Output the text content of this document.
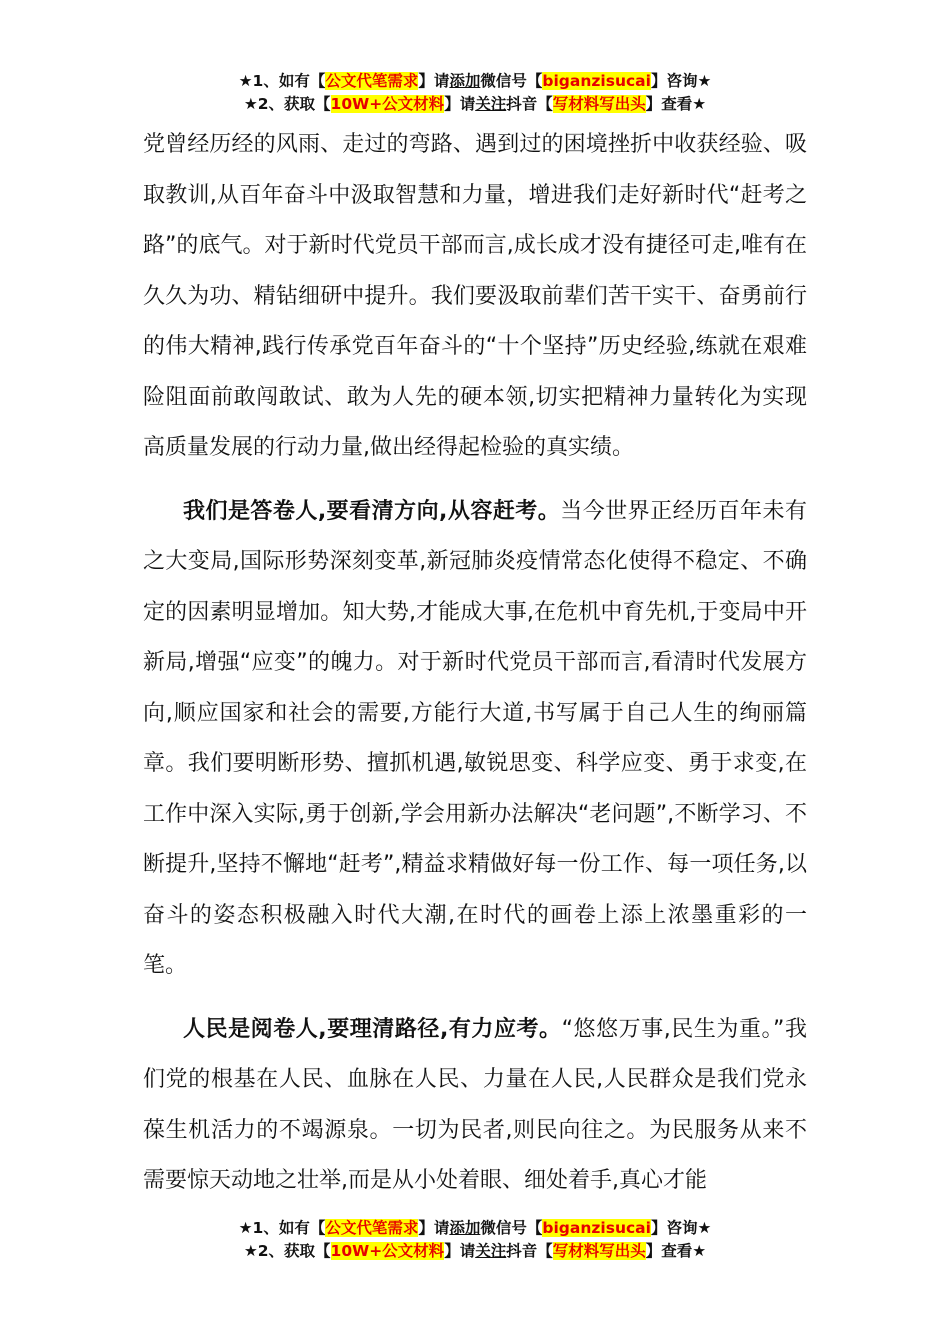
★1、如有【公文代笔需求】请添加微信号【biganzisucai】咨询★
★2、获取【10W+公文材料】请关注抖音【写材料写出头】查看★

党曾经历经的风雨、走过的弯路、遇到过的困境挫折中收获经验、吸取教训,从百年奋斗中汲取智慧和力量，增进我们走好新时代“赶考之路”的底气。对于新时代党员干部而言,成长成才没有捷径可走,唯有在久久为功、精钻细研中提升。我们要汲取前辈们苦干实干、奋勇前行的伟大精神,践行传承党百年奋斗的“十个坚持”历史经验,练就在艰难险阻面前敢闯敢试、敢为人先的硬本领,切实把精神力量转化为实现高质量发展的行动力量,做出经得起检验的真实绩。

我们是答卷人,要看清方向,从容赶考。当今世界正经历百年未有之大变局,国际形势深刻变革,新冠肺炎疫情常态化使得不稳定、不确定的因素明显增加。知大势,才能成大事,在危机中育先机,于变局中开新局,增强“应变”的魄力。对于新时代党员干部而言,看清时代发展方向,顺应国家和社会的需要,方能行大道,书写属于自己人生的绚丽篇章。我们要明断形势、擅抓机遇,敏锐思变、科学应变、勇于求变,在工作中深入实际,勇于创新,学会用新办法解决“老问题”,不断学习、不断提升,坚持不懈地“赶考”,精益求精做好每一份工作、每一项任务,以奋斗的姿态积极融入时代大潮,在时代的画卷上添上浓墨重彩的一笔。

人民是阅卷人,要理清路径,有力应考。“悠悠万事,民生为重。”我们党的根基在人民、血脉在人民、力量在人民,人民群众是我们党永葆生机活力的不竭源泉。一切为民者,则民向往之。为民服务从来不需要惊天动地之壮举,而是从小处着眼、细处着手,真心才能

★1、如有【公文代笔需求】请添加微信号【biganzisucai】咨询★
★2、获取【10W+公文材料】请关注抖音【写材料写出头】查看★
